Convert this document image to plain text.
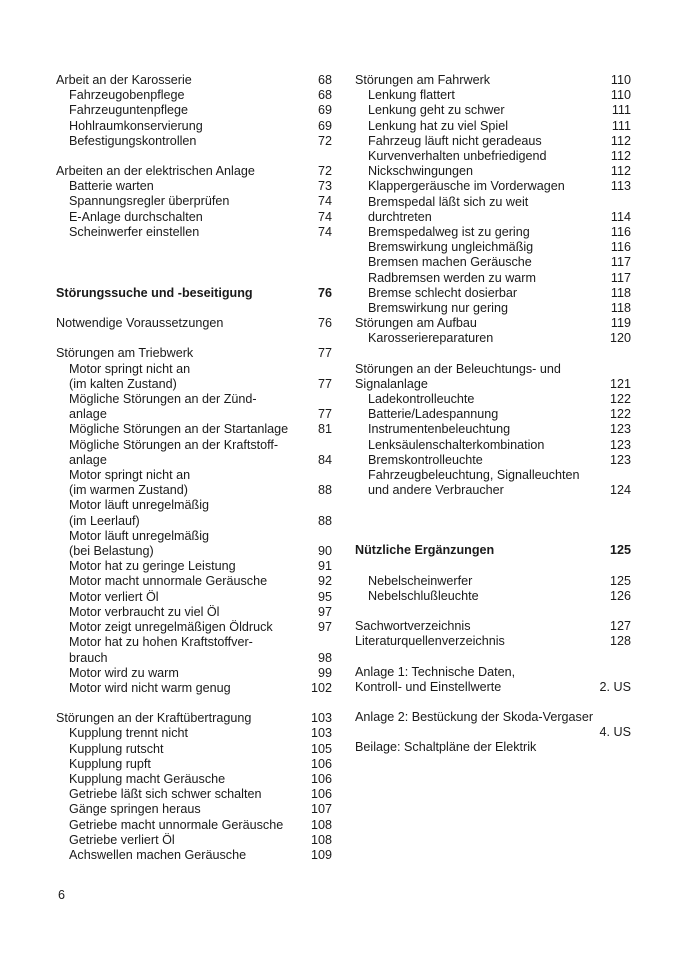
Arbeit an der Karosserie	68
Fahrzeugobenpflege	68
Fahrzeuguntenpflege	69
Hohlraumkonservierung	69
Befestigungskontrollen	72
Arbeiten an der elektrischen Anlage	72
Batterie warten	73
Spannungsregler überprüfen	74
E-Anlage durchschalten	74
Scheinwerfer einstellen	74
Störungssuche und -beseitigung	76
Notwendige Voraussetzungen	76
Störungen am Triebwerk	77
Motor springt nicht an
(im kalten Zustand)	77
Mögliche Störungen an der Zünd-
anlage	77
Mögliche Störungen an der Startanlage	81
Mögliche Störungen an der Kraftstoff-
anlage	84
Motor springt nicht an
(im warmen Zustand)	88
Motor läuft unregelmäßig
(im Leerlauf)	88
Motor läuft unregelmäßig
(bei Belastung)	90
Motor hat zu geringe Leistung	91
Motor macht unnormale Geräusche	92
Motor verliert Öl	95
Motor verbraucht zu viel Öl	97
Motor zeigt unregelmäßigen Öldruck	97
Motor hat zu hohen Kraftstoffver-
brauch	98
Motor wird zu warm	99
Motor wird nicht warm genug	102
Störungen an der Kraftübertragung	103
Kupplung trennt nicht	103
Kupplung rutscht	105
Kupplung rupft	106
Kupplung macht Geräusche	106
Getriebe läßt sich schwer schalten	106
Gänge springen heraus	107
Getriebe macht unnormale Geräusche	108
Getriebe verliert Öl	108
Achswellen machen Geräusche	109
Störungen am Fahrwerk	110
Lenkung flattert	110
Lenkung geht zu schwer	111
Lenkung hat zu viel Spiel	111
Fahrzeug läuft nicht geradeaus	112
Kurvenverhalten unbefriedigend	112
Nickschwingungen	112
Klappergeräusche im Vorderwagen	113
Bremspedal läßt sich zu weit
durchtreten	114
Bremspedalweg ist zu gering	116
Bremswirkung ungleichmäßig	116
Bremsen machen Geräusche	117
Radbremsen werden zu warm	117
Bremse schlecht dosierbar	118
Bremswirkung nur gering	118
Störungen am Aufbau	119
Karosseriereparaturen	120
Störungen an der Beleuchtungs- und
Signalanlage	121
Ladekontrolleuchte	122
Batterie/Ladespannung	122
Instrumentenbeleuchtung	123
Lenksäulenschalterkombination	123
Bremskontrolleuchte	123
Fahrzeugbeleuchtung, Signalleuchten
und andere Verbraucher	124
Nützliche Ergänzungen	125
Nebelscheinwerfer	125
Nebelschlußleuchte	126
Sachwortverzeichnis	127
Literaturquellenverzeichnis	128
Anlage 1: Technische Daten,
Kontroll- und Einstellwerte	2. US
Anlage 2: Bestückung der Skoda-Vergaser
4. US
Beilage: Schaltpläne der Elektrik
6
